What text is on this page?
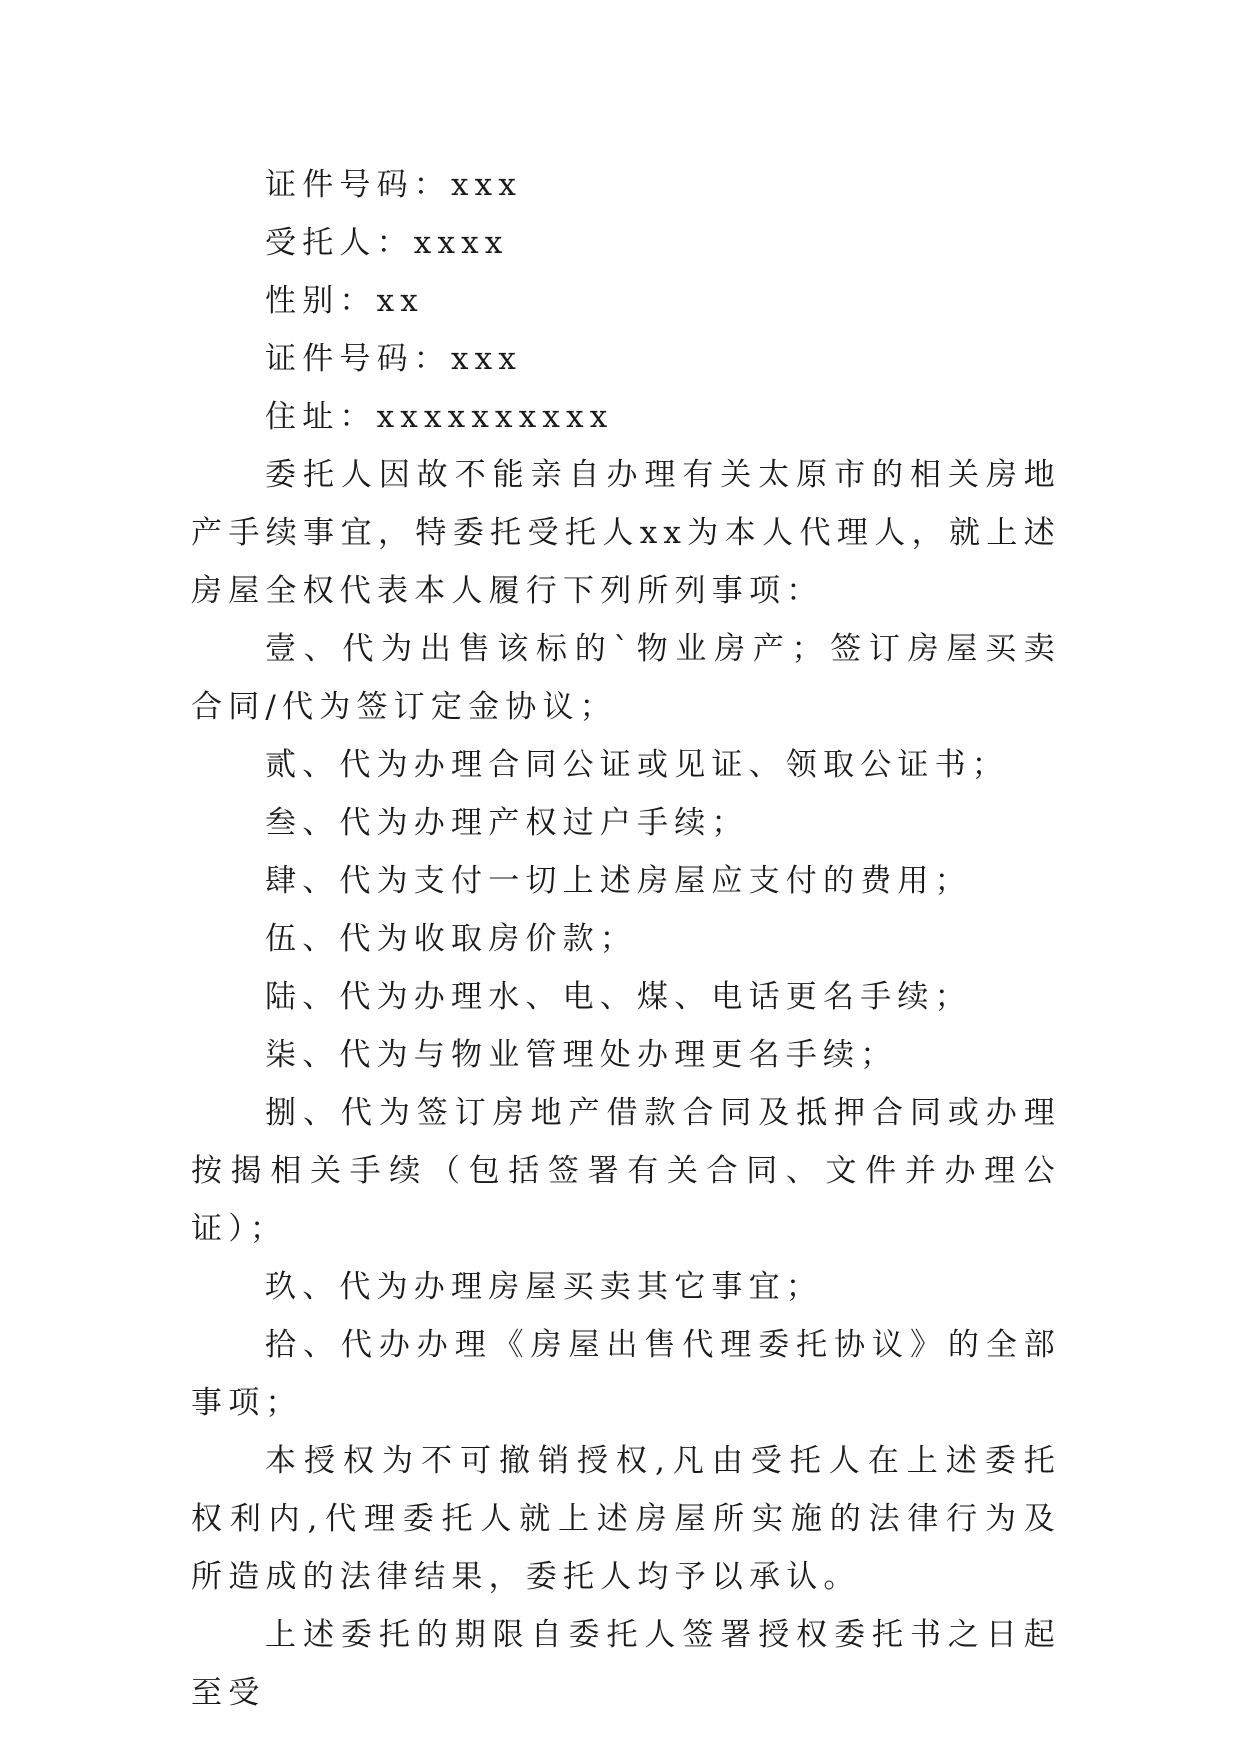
证件号码：xxx

受托人：xxxx

性别：xx

证件号码：xxx

住址：xxxxxxxxxx

委托人因故不能亲自办理有关太原市的相关房地产手续事宜，特委托受托人xx为本人代理人，就上述房屋全权代表本人履行下列所列事项：

壹、代为出售该标的`物业房产；签订房屋买卖合同/代为签订定金协议；

贰、代为办理合同公证或见证、领取公证书；

叁、代为办理产权过户手续；

肆、代为支付一切上述房屋应支付的费用；

伍、代为收取房价款；

陆、代为办理水、电、煤、电话更名手续；

柒、代为与物业管理处办理更名手续；

捌、代为签订房地产借款合同及抵押合同或办理按揭相关手续（包括签署有关合同、文件并办理公证）；

玖、代为办理房屋买卖其它事宜；

拾、代办办理《房屋出售代理委托协议》的全部事项；

本授权为不可撤销授权,凡由受托人在上述委托权利内,代理委托人就上述房屋所实施的法律行为及所造成的法律结果，委托人均予以承认。

上述委托的期限自委托人签署授权委托书之日起至受
